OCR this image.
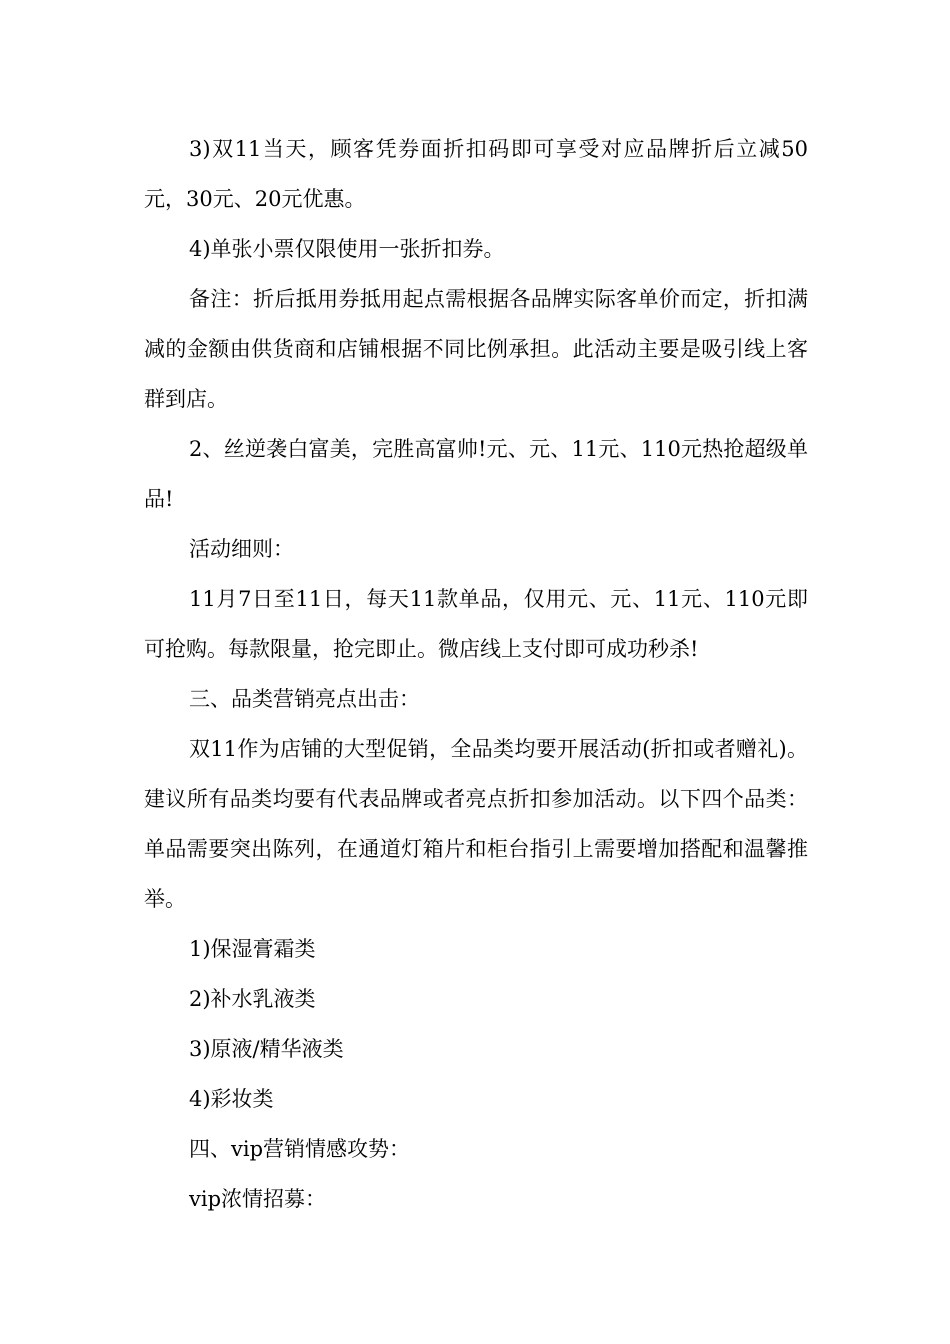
3)双11当天，顾客凭券面折扣码即可享受对应品牌折后立减50元，30元、20元优惠。

4)单张小票仅限使用一张折扣券。

备注：折后抵用券抵用起点需根据各品牌实际客单价而定，折扣满减的金额由供货商和店铺根据不同比例承担。此活动主要是吸引线上客群到店。

2、丝逆袭白富美，完胜高富帅!元、元、11元、110元热抢超级单品!

活动细则：

11月7日至11日，每天11款单品，仅用元、元、11元、110元即可抢购。每款限量，抢完即止。微店线上支付即可成功秒杀!

三、品类营销亮点出击：

双11作为店铺的大型促销，全品类均要开展活动(折扣或者赠礼)。建议所有品类均要有代表品牌或者亮点折扣参加活动。以下四个品类：单品需要突出陈列，在通道灯箱片和柜台指引上需要增加搭配和温馨推举。

1)保湿膏霜类

2)补水乳液类

3)原液/精华液类

4)彩妆类

四、vip营销情感攻势：

vip浓情招募：
